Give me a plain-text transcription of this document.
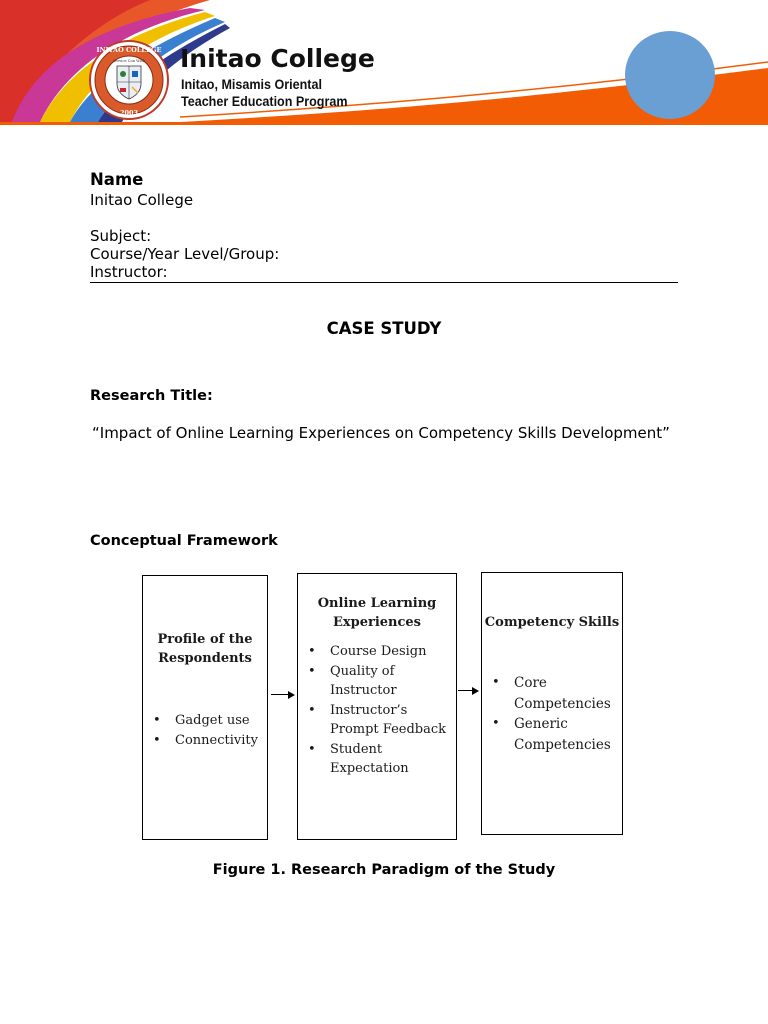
INITAO COLLEGE
Service Con Wish
2003
Initao College
Initao, Misamis Oriental
Teacher Education Program
Name
Initao College
Subject:
Course/Year Level/Group:
Instructor:
CASE STUDY
Research Title:
“Impact of Online Learning Experiences on Competency Skills Development”
Conceptual Framework
Profile of the
Respondents
• Gadget use
• Connectivity
Online Learning
Experiences
• Course Design
• Quality of
Instructor
• Instructor’s
Prompt Feedback
• Student
Expectation
Competency Skills
• Core
Competencies
• Generic
Competencies
Figure 1. Research Paradigm of the Study
